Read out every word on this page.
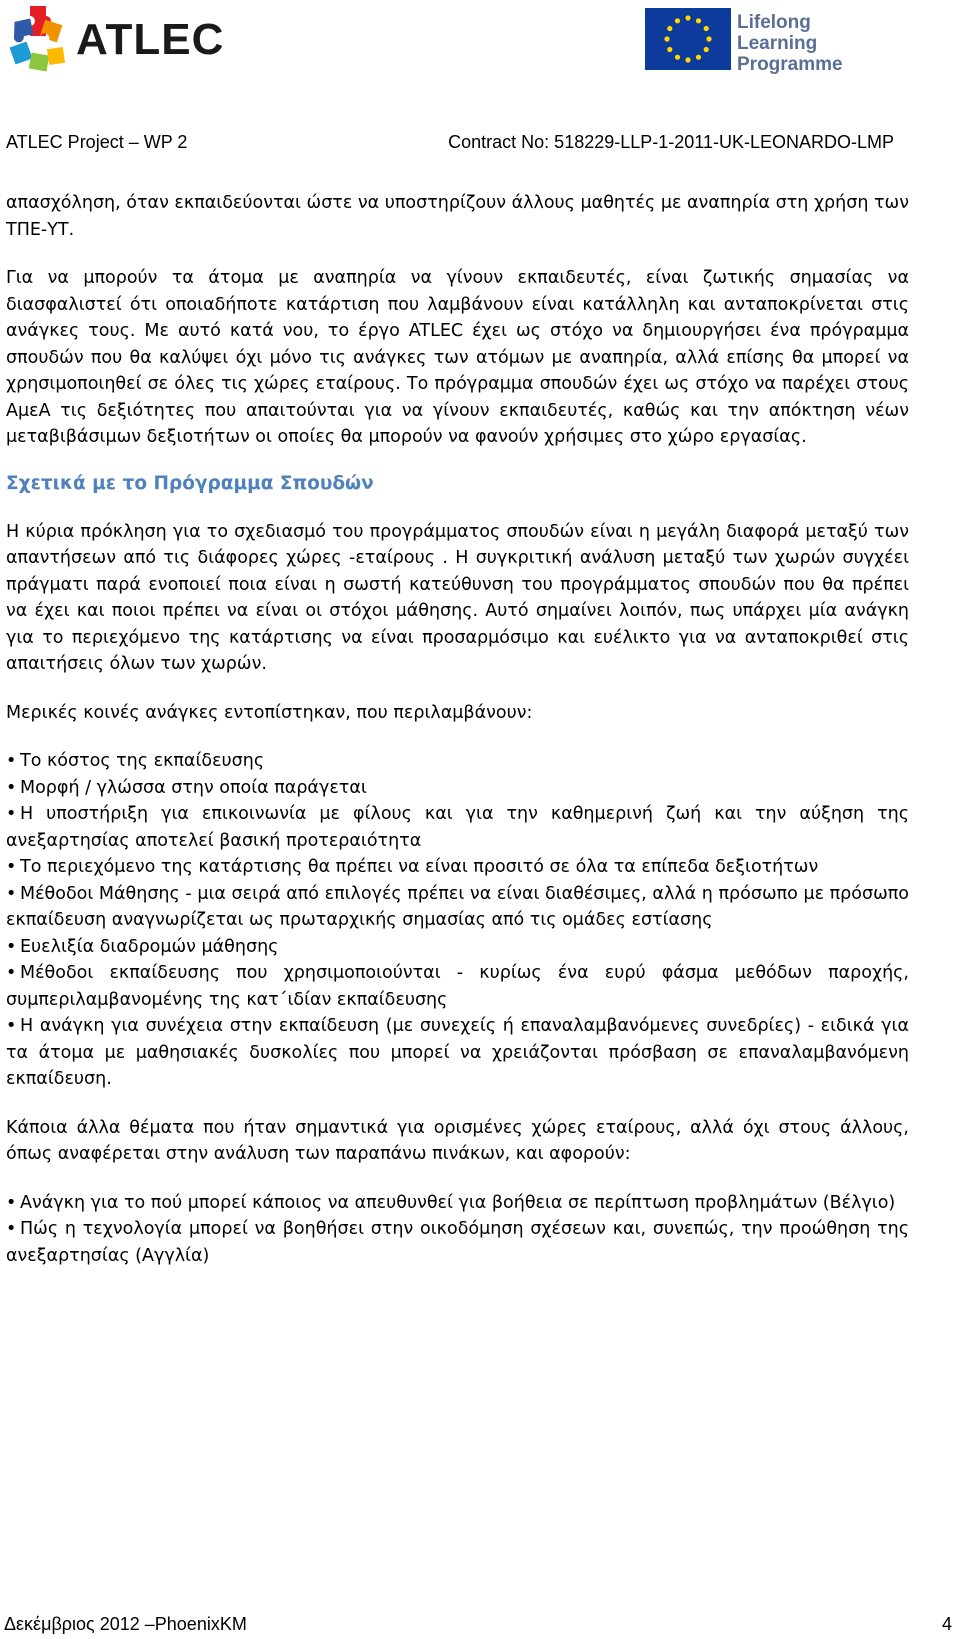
ATLEC	Lifelong
Learning
Programme
ATLEC Project – WP 2	Contract No: 518229-LLP-1-2011-UK-LEONARDO-LMP

απασχόληση, όταν εκπαιδεύονται ώστε να υποστηρίζουν άλλους μαθητές με αναπηρία στη χρήση των ΤΠΕ-ΥΤ.

Για να μπορούν τα άτομα με αναπηρία να γίνουν εκπαιδευτές, είναι ζωτικής σημασίας να διασφαλιστεί ότι οποιαδήποτε κατάρτιση που λαμβάνουν είναι κατάλληλη και ανταποκρίνεται στις ανάγκες τους. Με αυτό κατά νου, το έργο ATLEC έχει ως στόχο να δημιουργήσει ένα πρόγραμμα σπουδών που θα καλύψει όχι μόνο τις ανάγκες των ατόμων με αναπηρία, αλλά επίσης θα μπορεί να χρησιμοποιηθεί σε όλες τις χώρες εταίρους. Το πρόγραμμα σπουδών έχει ως στόχο να παρέχει στους ΑμεΑ τις δεξιότητες που απαιτούνται για να γίνουν εκπαιδευτές, καθώς και την απόκτηση νέων μεταβιβάσιμων δεξιοτήτων οι οποίες θα μπορούν να φανούν χρήσιμες στο χώρο εργασίας.

Σχετικά με το Πρόγραμμα Σπουδών

Η κύρια πρόκληση για το σχεδιασμό του προγράμματος σπουδών είναι η μεγάλη διαφορά μεταξύ των απαντήσεων από τις διάφορες χώρες -εταίρους . Η συγκριτική ανάλυση μεταξύ των χωρών συγχέει πράγματι παρά ενοποιεί ποια είναι η σωστή κατεύθυνση του προγράμματος σπουδών που θα πρέπει να έχει και ποιοι πρέπει να είναι οι στόχοι μάθησης. Αυτό σημαίνει λοιπόν, πως υπάρχει μία ανάγκη για το περιεχόμενο της κατάρτισης να είναι προσαρμόσιμο και ευέλικτο για να ανταποκριθεί στις απαιτήσεις όλων των χωρών.

Μερικές κοινές ανάγκες εντοπίστηκαν, που περιλαμβάνουν:

• Το κόστος της εκπαίδευσης
• Μορφή / γλώσσα στην οποία παράγεται
• Η υποστήριξη για επικοινωνία με φίλους και για την καθημερινή ζωή και την αύξηση της ανεξαρτησίας αποτελεί βασική προτεραιότητα
• Το περιεχόμενο της κατάρτισης θα πρέπει να είναι προσιτό σε όλα τα επίπεδα δεξιοτήτων
• Μέθοδοι Μάθησης - μια σειρά από επιλογές πρέπει να είναι διαθέσιμες, αλλά η πρόσωπο με πρόσωπο εκπαίδευση αναγνωρίζεται ως πρωταρχικής σημασίας από τις ομάδες εστίασης
• Ευελιξία διαδρομών μάθησης
• Μέθοδοι εκπαίδευσης που χρησιμοποιούνται - κυρίως ένα ευρύ φάσμα μεθόδων παροχής, συμπεριλαμβανομένης της κατ΄ιδίαν εκπαίδευσης
• Η ανάγκη για συνέχεια στην εκπαίδευση (με συνεχείς ή επαναλαμβανόμενες συνεδρίες) - ειδικά για τα άτομα με μαθησιακές δυσκολίες που μπορεί να χρειάζονται πρόσβαση σε επαναλαμβανόμενη εκπαίδευση.

Κάποια άλλα θέματα που ήταν σημαντικά για ορισμένες χώρες εταίρους, αλλά όχι στους άλλους, όπως αναφέρεται στην ανάλυση των παραπάνω πινάκων, και αφορούν:

• Ανάγκη για το πού μπορεί κάποιος να απευθυνθεί για βοήθεια σε περίπτωση προβλημάτων (Βέλγιο)
• Πώς η τεχνολογία μπορεί να βοηθήσει στην οικοδόμηση σχέσεων και, συνεπώς, την προώθηση της ανεξαρτησίας (Αγγλία)
Δεκέμβριος 2012 –PhoenixKM	4
